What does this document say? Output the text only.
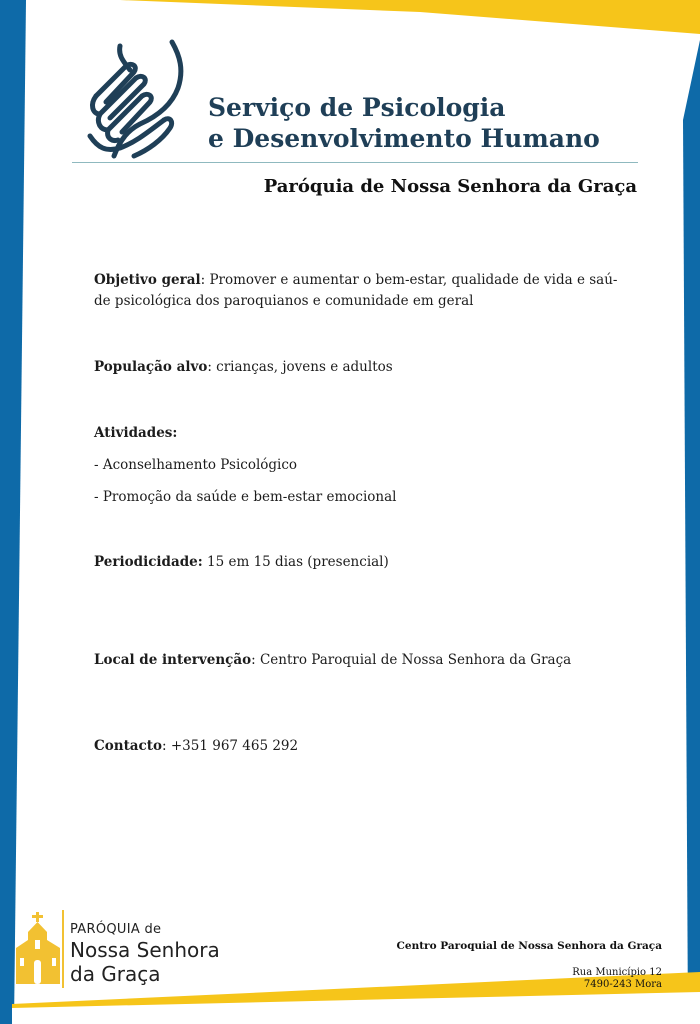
Serviço de Psicologia
e Desenvolvimento Humano
Paróquia de Nossa Senhora da Graça
Objetivo geral: Promover e aumentar o bem-estar, qualidade de vida e saú-
de psicológica dos paroquianos e comunidade em geral
População alvo: crianças, jovens e adultos
Atividades:
- Aconselhamento Psicológico
- Promoção da saúde e bem-estar emocional
Periodicidade: 15 em 15 dias (presencial)
Local de intervenção: Centro Paroquial de Nossa Senhora da Graça
Contacto: +351 967 465 292
PARÓQUIA de
Nossa Senhora
da Graça
Centro Paroquial de Nossa Senhora da Graça
Rua Município 12
7490-243 Mora
